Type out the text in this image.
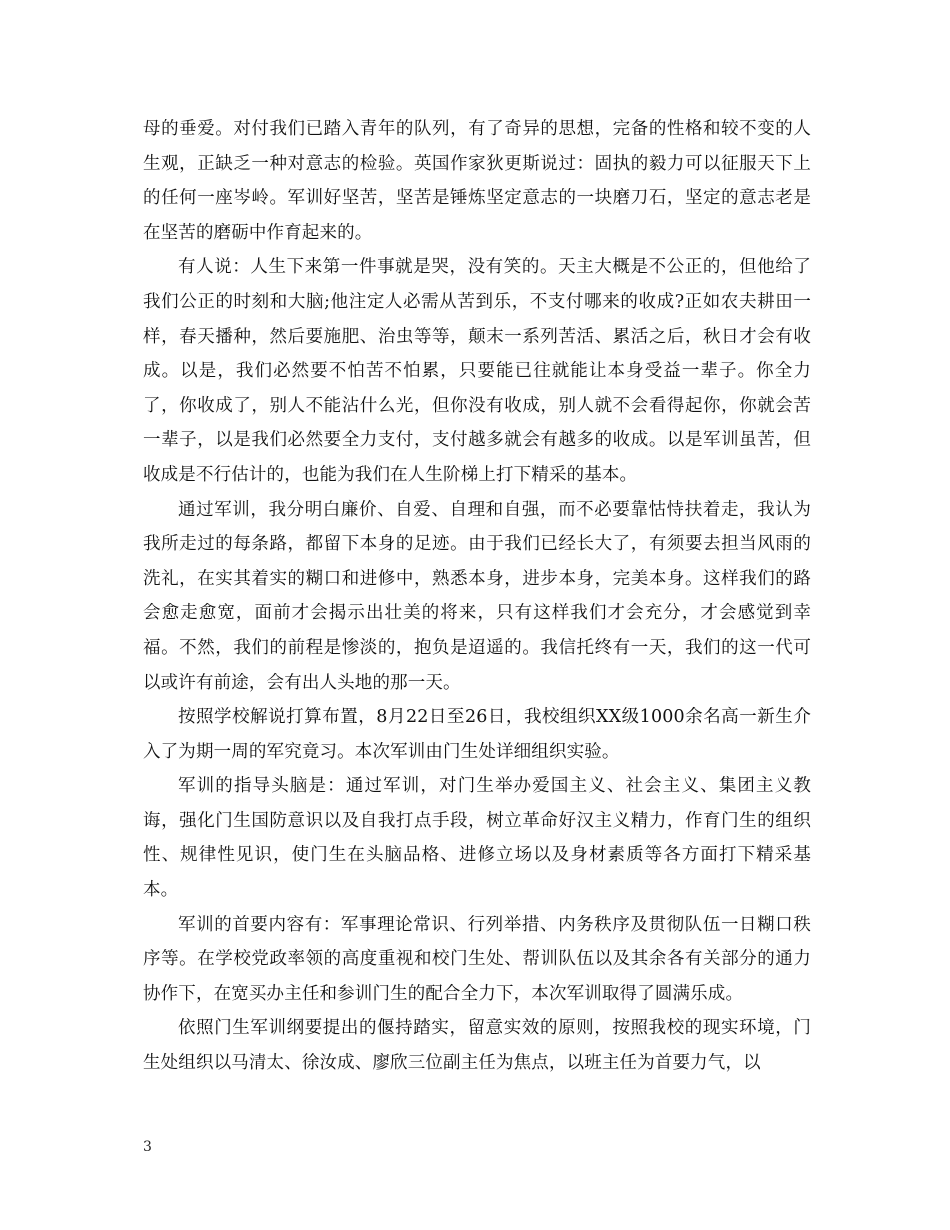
母的垂爱。对付我们已踏入青年的队列，有了奇异的思想，完备的性格和较不变的人生观，正缺乏一种对意志的检验。英国作家狄更斯说过：固执的毅力可以征服天下上的任何一座岑岭。军训好坚苦，坚苦是锤炼坚定意志的一块磨刀石，坚定的意志老是在坚苦的磨砺中作育起来的。

有人说：人生下来第一件事就是哭，没有笑的。天主大概是不公正的，但他给了我们公正的时刻和大脑;他注定人必需从苦到乐，不支付哪来的收成?正如农夫耕田一样，春天播种，然后要施肥、治虫等等，颠末一系列苦活、累活之后，秋日才会有收成。以是，我们必然要不怕苦不怕累，只要能已往就能让本身受益一辈子。你全力了，你收成了，别人不能沾什么光，但你没有收成，别人就不会看得起你，你就会苦一辈子，以是我们必然要全力支付，支付越多就会有越多的收成。以是军训虽苦，但收成是不行估计的，也能为我们在人生阶梯上打下精采的基本。

通过军训，我分明白廉价、自爱、自理和自强，而不必要靠怙恃扶着走，我认为我所走过的每条路，都留下本身的足迹。由于我们已经长大了，有须要去担当风雨的洗礼，在实其着实的糊口和进修中，熟悉本身，进步本身，完美本身。这样我们的路会愈走愈宽，面前才会揭示出壮美的将来，只有这样我们才会充分，才会感觉到幸福。不然，我们的前程是惨淡的，抱负是迢遥的。我信托终有一天，我们的这一代可以或许有前途，会有出人头地的那一天。

按照学校解说打算布置，8月22日至26日，我校组织XX级1000余名高一新生介入了为期一周的军究竟习。本次军训由门生处详细组织实验。

军训的指导头脑是：通过军训，对门生举办爱国主义、社会主义、集团主义教诲，强化门生国防意识以及自我打点手段，树立革命好汉主义精力，作育门生的组织性、规律性见识，使门生在头脑品格、进修立场以及身材素质等各方面打下精采基本。

军训的首要内容有：军事理论常识、行列举措、内务秩序及贯彻队伍一日糊口秩序等。在学校党政率领的高度重视和校门生处、帮训队伍以及其余各有关部分的通力协作下，在宽买办主任和参训门生的配合全力下，本次军训取得了圆满乐成。

依照门生军训纲要提出的偃持踏实，留意实效的原则，按照我校的现实环境，门生处组织以马清太、徐汝成、廖欣三位副主任为焦点，以班主任为首要力气，以

3
